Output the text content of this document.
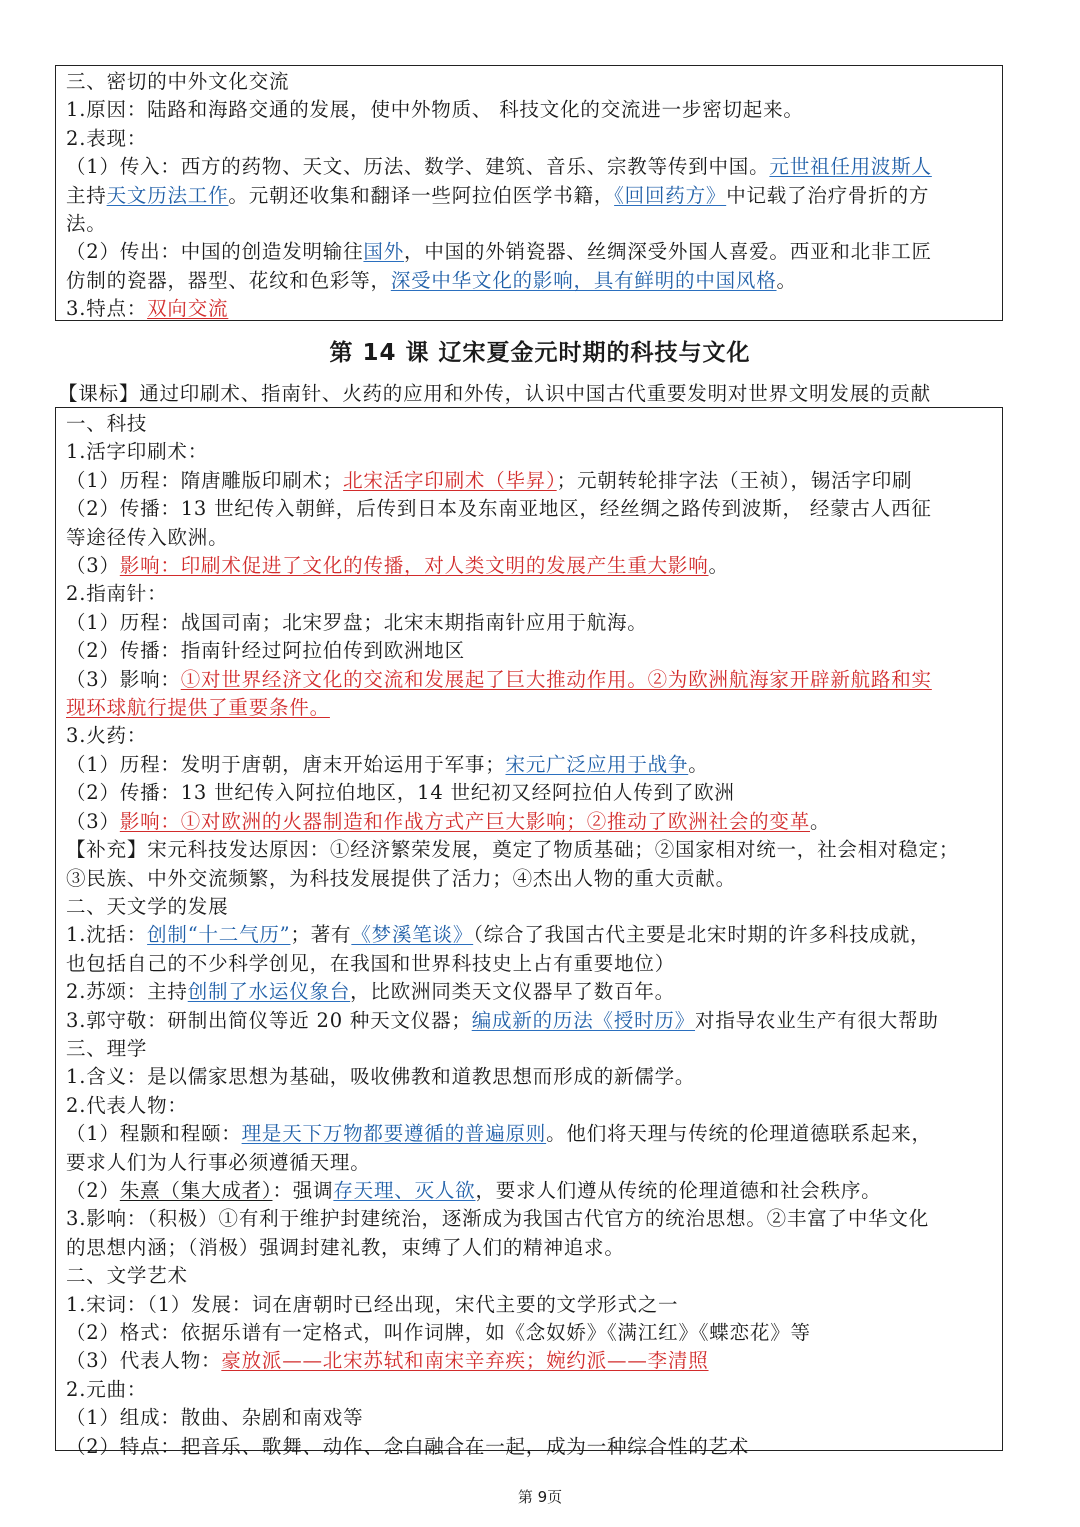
三、密切的中外文化交流
1.原因：陆路和海路交通的发展，使中外物质、 科技文化的交流进一步密切起来。
2.表现：
（1）传入：西方的药物、天文、历法、数学、建筑、音乐、宗教等传到中国。元世祖任用波斯人
主持天文历法工作。元朝还收集和翻译一些阿拉伯医学书籍，《回回药方》中记载了治疗骨折的方
法。
（2）传出：中国的创造发明输往国外，中国的外销瓷器、丝绸深受外国人喜爱。西亚和北非工匠
仿制的瓷器，器型、花纹和色彩等，深受中华文化的影响，具有鲜明的中国风格。
3.特点：双向交流
第 14 课 辽宋夏金元时期的科技与文化
【课标】通过印刷术、指南针、火药的应用和外传，认识中国古代重要发明对世界文明发展的贡献
一、科技
1.活字印刷术：
（1）历程：隋唐雕版印刷术；北宋活字印刷术（毕昇）；元朝转轮排字法（王祯），锡活字印刷
（2）传播：13 世纪传入朝鲜，后传到日本及东南亚地区，经丝绸之路传到波斯， 经蒙古人西征
等途径传入欧洲。
（3）影响：印刷术促进了文化的传播，对人类文明的发展产生重大影响。
2.指南针：
（1）历程：战国司南；北宋罗盘；北宋末期指南针应用于航海。
（2）传播：指南针经过阿拉伯传到欧洲地区
（3）影响：①对世界经济文化的交流和发展起了巨大推动作用。②为欧洲航海家开辟新航路和实
现环球航行提供了重要条件。
3.火药：
（1）历程：发明于唐朝，唐末开始运用于军事；宋元广泛应用于战争。
（2）传播：13 世纪传入阿拉伯地区，14 世纪初又经阿拉伯人传到了欧洲
（3）影响：①对欧洲的火器制造和作战方式产巨大影响；②推动了欧洲社会的变革。
【补充】宋元科技发达原因：①经济繁荣发展，奠定了物质基础；②国家相对统一，社会相对稳定；
③民族、中外交流频繁，为科技发展提供了活力；④杰出人物的重大贡献。
二、天文学的发展
1.沈括：创制“十二气历”；著有《梦溪笔谈》（综合了我国古代主要是北宋时期的许多科技成就，
也包括自己的不少科学创见，在我国和世界科技史上占有重要地位）
2.苏颂：主持创制了水运仪象台，比欧洲同类天文仪器早了数百年。
3.郭守敬：研制出简仪等近 20 种天文仪器；编成新的历法《授时历》对指导农业生产有很大帮助
三、理学
1.含义：是以儒家思想为基础，吸收佛教和道教思想而形成的新儒学。
2.代表人物：
（1）程颢和程颐：理是天下万物都要遵循的普遍原则。他们将天理与传统的伦理道德联系起来，
要求人们为人行事必须遵循天理。
（2）朱熹（集大成者）：强调存天理、灭人欲，要求人们遵从传统的伦理道德和社会秩序。
3.影响：（积极）①有利于维护封建统治，逐渐成为我国古代官方的统治思想。②丰富了中华文化
的思想内涵；（消极）强调封建礼教，束缚了人们的精神追求。
二、文学艺术
1.宋词：（1）发展：词在唐朝时已经出现，宋代主要的文学形式之一
（2）格式：依据乐谱有一定格式，叫作词牌，如《念奴娇》《满江红》《蝶恋花》等
（3）代表人物：豪放派——北宋苏轼和南宋辛弃疾；婉约派——李清照
2.元曲：
（1）组成：散曲、杂剧和南戏等
（2）特点：把音乐、歌舞、动作、念白融合在一起，成为一种综合性的艺术
第 9页
